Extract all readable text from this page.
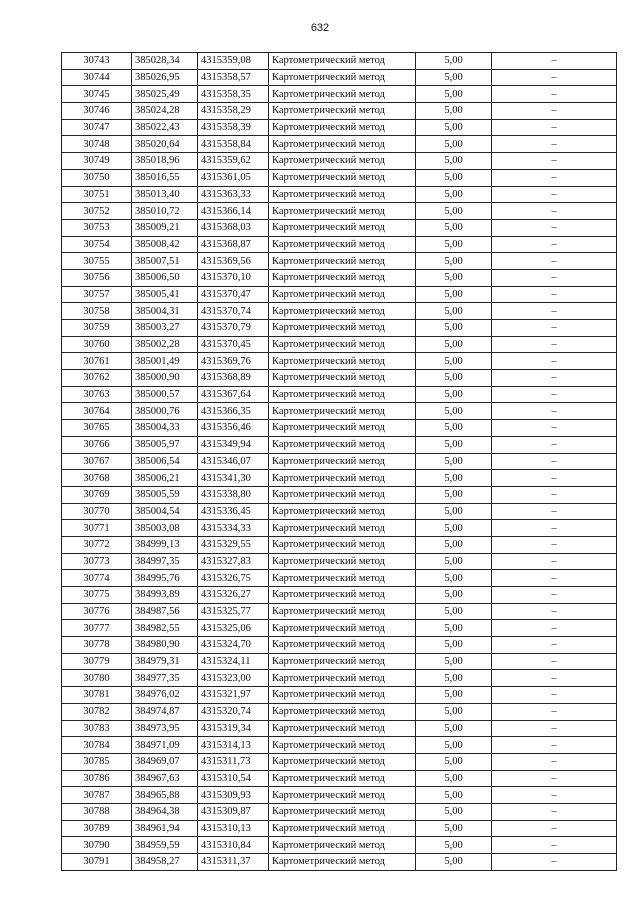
632
30743	385028,34	4315359,08	Картометрический метод	5,00	–
30744	385026,95	4315358,57	Картометрический метод	5,00	–
30745	385025,49	4315358,35	Картометрический метод	5,00	–
30746	385024,28	4315358,29	Картометрический метод	5,00	–
30747	385022,43	4315358,39	Картометрический метод	5,00	–
30748	385020,64	4315358,84	Картометрический метод	5,00	–
30749	385018,96	4315359,62	Картометрический метод	5,00	–
30750	385016,55	4315361,05	Картометрический метод	5,00	–
30751	385013,40	4315363,33	Картометрический метод	5,00	–
30752	385010,72	4315366,14	Картометрический метод	5,00	–
30753	385009,21	4315368,03	Картометрический метод	5,00	–
30754	385008,42	4315368,87	Картометрический метод	5,00	–
30755	385007,51	4315369,56	Картометрический метод	5,00	–
30756	385006,50	4315370,10	Картометрический метод	5,00	–
30757	385005,41	4315370,47	Картометрический метод	5,00	–
30758	385004,31	4315370,74	Картометрический метод	5,00	–
30759	385003,27	4315370,79	Картометрический метод	5,00	–
30760	385002,28	4315370,45	Картометрический метод	5,00	–
30761	385001,49	4315369,76	Картометрический метод	5,00	–
30762	385000,90	4315368,89	Картометрический метод	5,00	–
30763	385000,57	4315367,64	Картометрический метод	5,00	–
30764	385000,76	4315366,35	Картометрический метод	5,00	–
30765	385004,33	4315356,46	Картометрический метод	5,00	–
30766	385005,97	4315349,94	Картометрический метод	5,00	–
30767	385006,54	4315346,07	Картометрический метод	5,00	–
30768	385006,21	4315341,30	Картометрический метод	5,00	–
30769	385005,59	4315338,80	Картометрический метод	5,00	–
30770	385004,54	4315336,45	Картометрический метод	5,00	–
30771	385003,08	4315334,33	Картометрический метод	5,00	–
30772	384999,13	4315329,55	Картометрический метод	5,00	–
30773	384997,35	4315327,83	Картометрический метод	5,00	–
30774	384995,76	4315326,75	Картометрический метод	5,00	–
30775	384993,89	4315326,27	Картометрический метод	5,00	–
30776	384987,56	4315325,77	Картометрический метод	5,00	–
30777	384982,55	4315325,06	Картометрический метод	5,00	–
30778	384980,90	4315324,70	Картометрический метод	5,00	–
30779	384979,31	4315324,11	Картометрический метод	5,00	–
30780	384977,35	4315323,00	Картометрический метод	5,00	–
30781	384976,02	4315321,97	Картометрический метод	5,00	–
30782	384974,87	4315320,74	Картометрический метод	5,00	–
30783	384973,95	4315319,34	Картометрический метод	5,00	–
30784	384971,09	4315314,13	Картометрический метод	5,00	–
30785	384969,07	4315311,73	Картометрический метод	5,00	–
30786	384967,63	4315310,54	Картометрический метод	5,00	–
30787	384965,88	4315309,93	Картометрический метод	5,00	–
30788	384964,38	4315309,87	Картометрический метод	5,00	–
30789	384961,94	4315310,13	Картометрический метод	5,00	–
30790	384959,59	4315310,84	Картометрический метод	5,00	–
30791	384958,27	4315311,37	Картометрический метод	5,00	–
